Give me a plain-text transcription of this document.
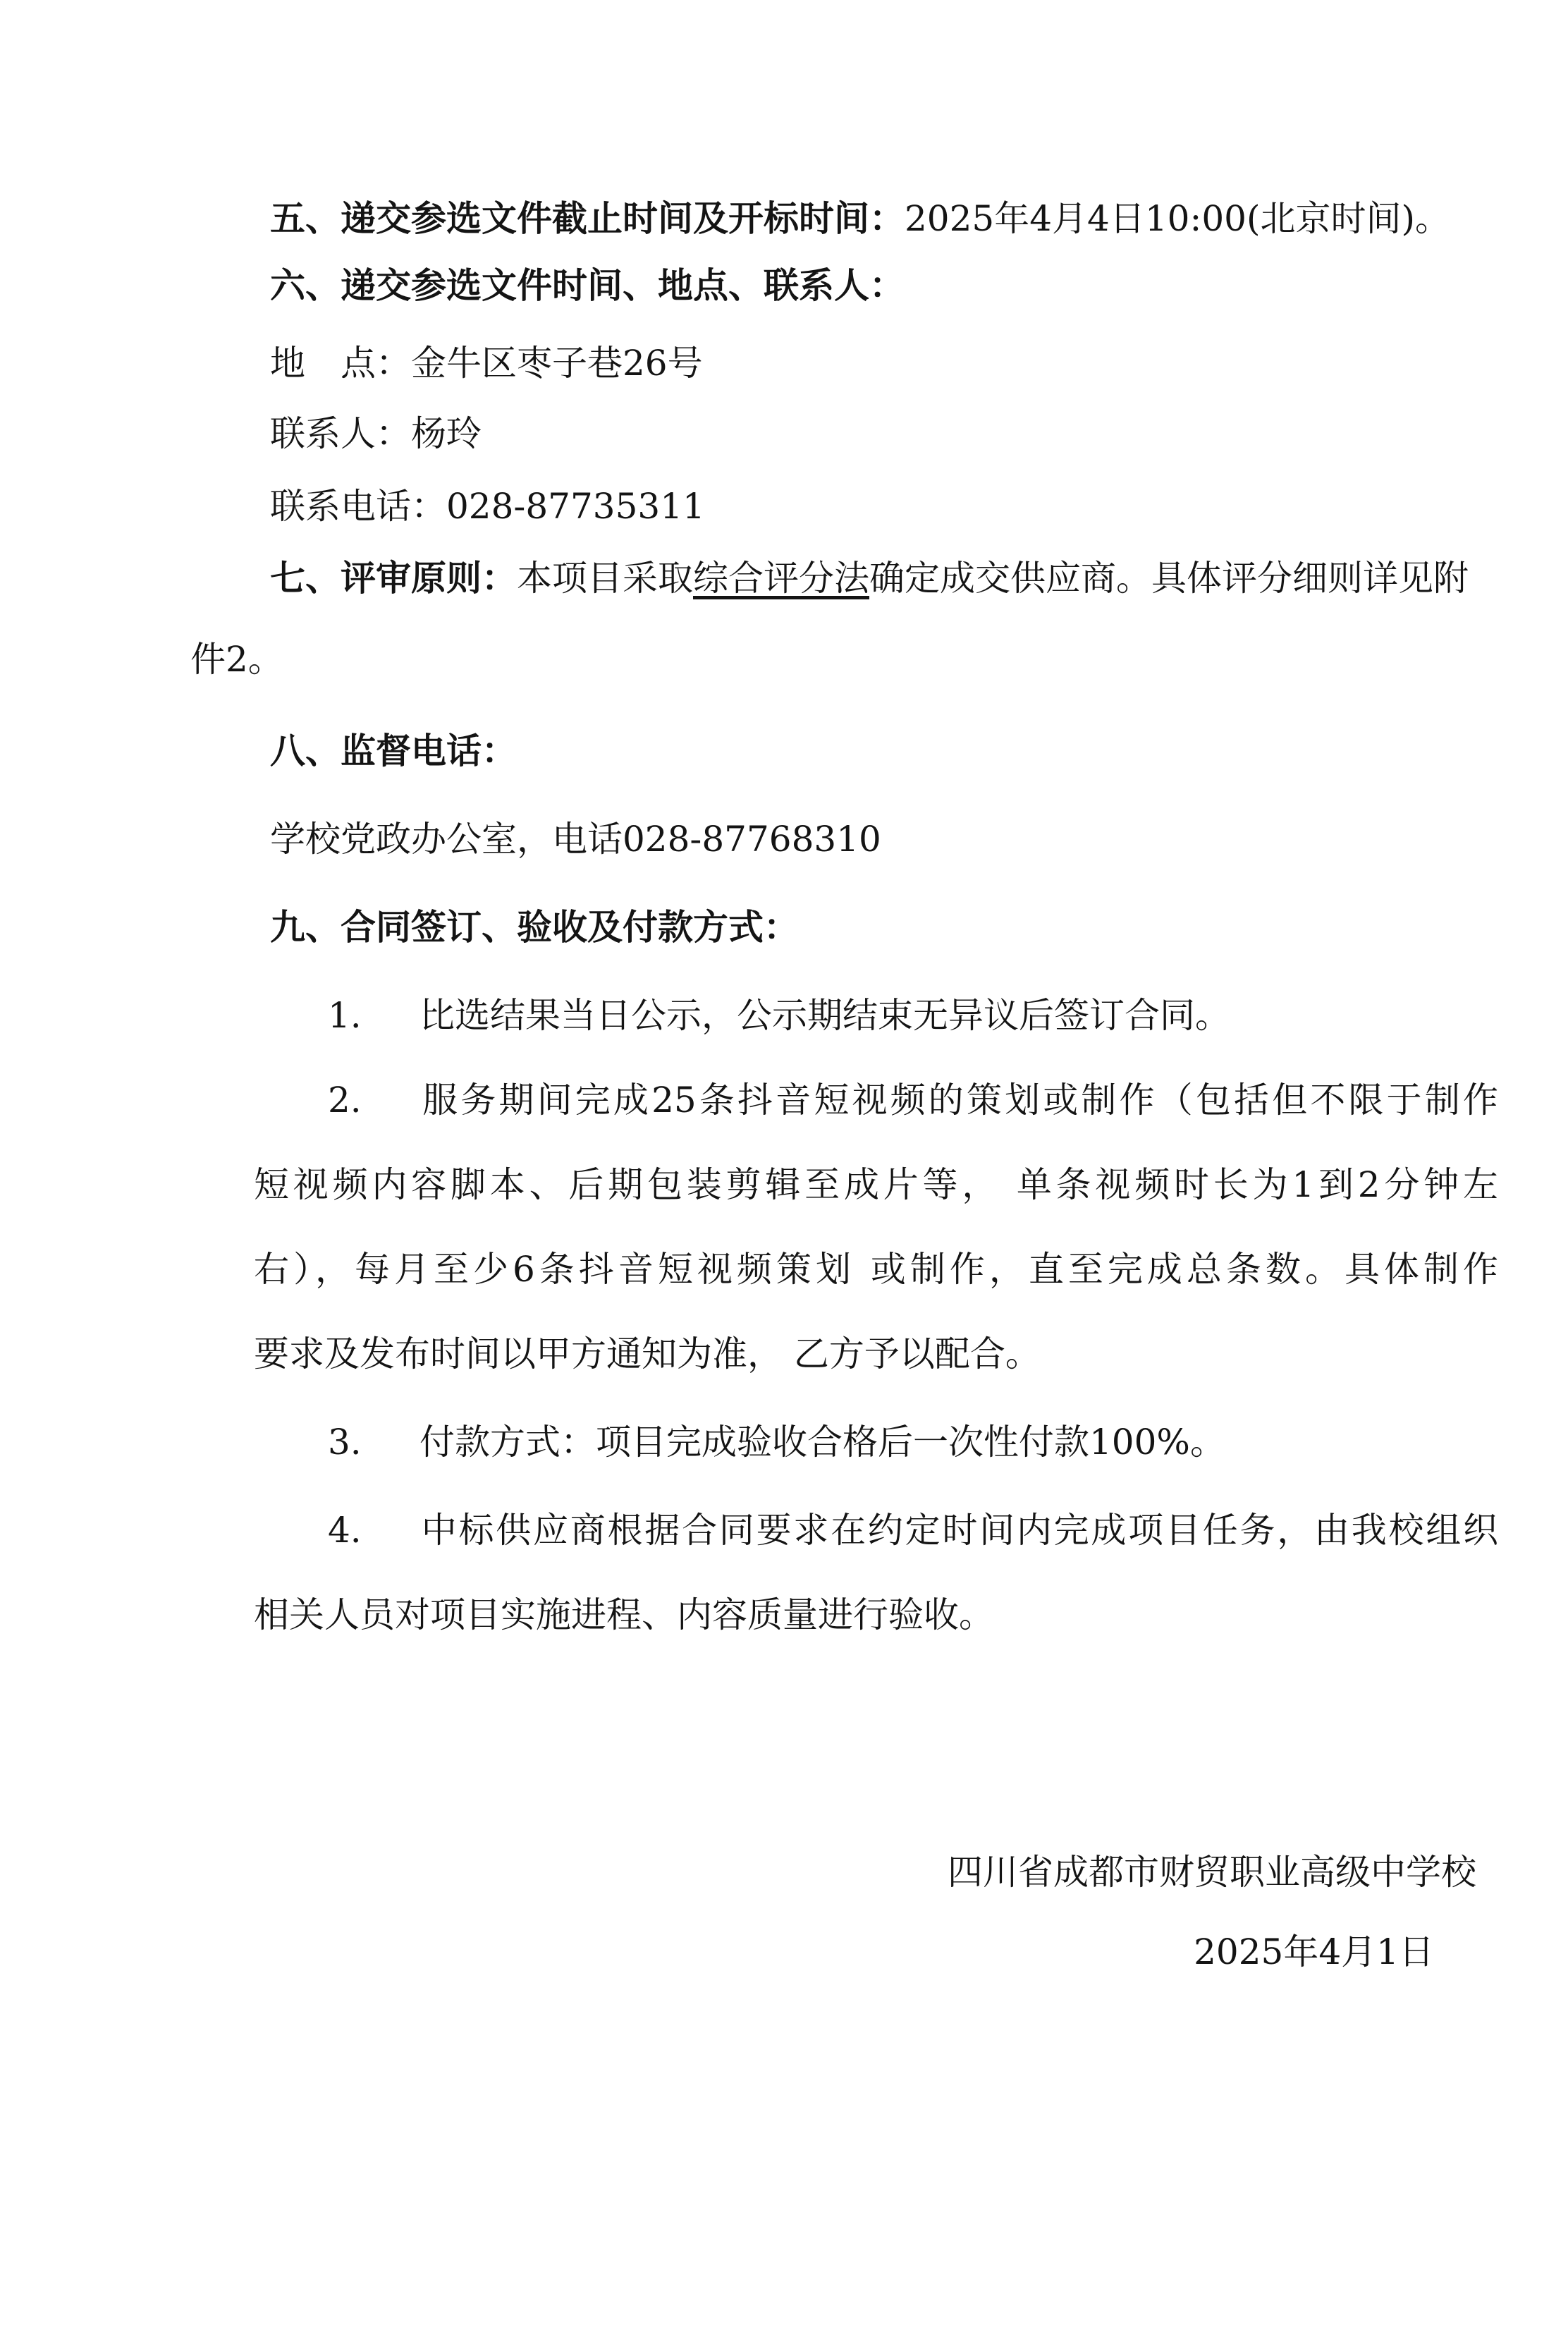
五、递交参选文件截止时间及开标时间：2025年4月4日10:00(北京时间)。
六、递交参选文件时间、地点、联系人：
地　点：金牛区枣子巷26号
联系人：杨玲
联系电话：028-87735311
七、评审原则：本项目采取综合评分法确定成交供应商。具体评分细则详见附
件2。
八、监督电话：
学校党政办公室，电话028-87768310
九、合同签订、验收及付款方式：
1. 比选结果当日公示，公示期结束无异议后签订合同。
2. 服务期间完成25条抖音短视频的策划或制作（包括但不限于制作
短视频内容脚本、后期包装剪辑至成片等， 单条视频时长为1到2分钟左
右），每月至少6条抖音短视频策划 或制作，直至完成总条数。具体制作
要求及发布时间以甲方通知为准， 乙方予以配合。
3. 付款方式：项目完成验收合格后一次性付款100%。
4. 中标供应商根据合同要求在约定时间内完成项目任务，由我校组织
相关人员对项目实施进程、内容质量进行验收。
四川省成都市财贸职业高级中学校
2025年4月1日
